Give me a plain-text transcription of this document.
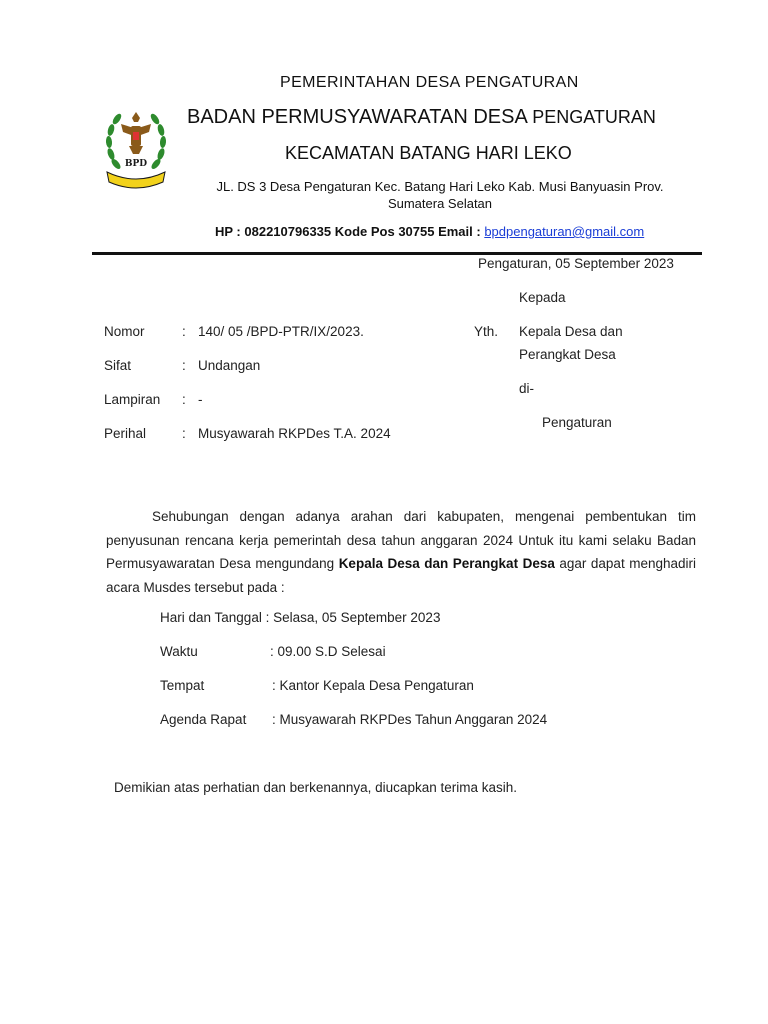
BPD
PEMERINTAHAN DESA PENGATURAN
BADAN PERMUSYAWARATAN DESA PENGATURAN
KECAMATAN BATANG HARI LEKO
JL. DS 3 Desa Pengaturan Kec. Batang Hari Leko Kab. Musi Banyuasin Prov. Sumatera Selatan
HP : 082210796335 Kode Pos 30755 Email : bpdpengaturan@gmail.com
Pengaturan, 05 September 2023
Kepada
Yth. Kepala Desa dan
Perangkat Desa
di-
Pengaturan
Nomor	: 140/ 05 /BPD-PTR/IX/2023.
Sifat	: Undangan
Lampiran : -
Perihal	: Musyawarah RKPDes T.A. 2024
Sehubungan dengan adanya arahan dari kabupaten, mengenai pembentukan tim penyusunan rencana kerja pemerintah desa tahun anggaran 2024 Untuk itu kami selaku Badan Permusyawaratan Desa mengundang Kepala Desa dan Perangkat Desa agar dapat menghadiri acara Musdes tersebut pada :
Hari dan Tanggal : Selasa, 05 September 2023
Waktu	: 09.00 S.D Selesai
Tempat	: Kantor Kepala Desa Pengaturan
Agenda Rapat : Musyawarah RKPDes Tahun Anggaran 2024
Demikian atas perhatian dan berkenannya, diucapkan terima kasih.
